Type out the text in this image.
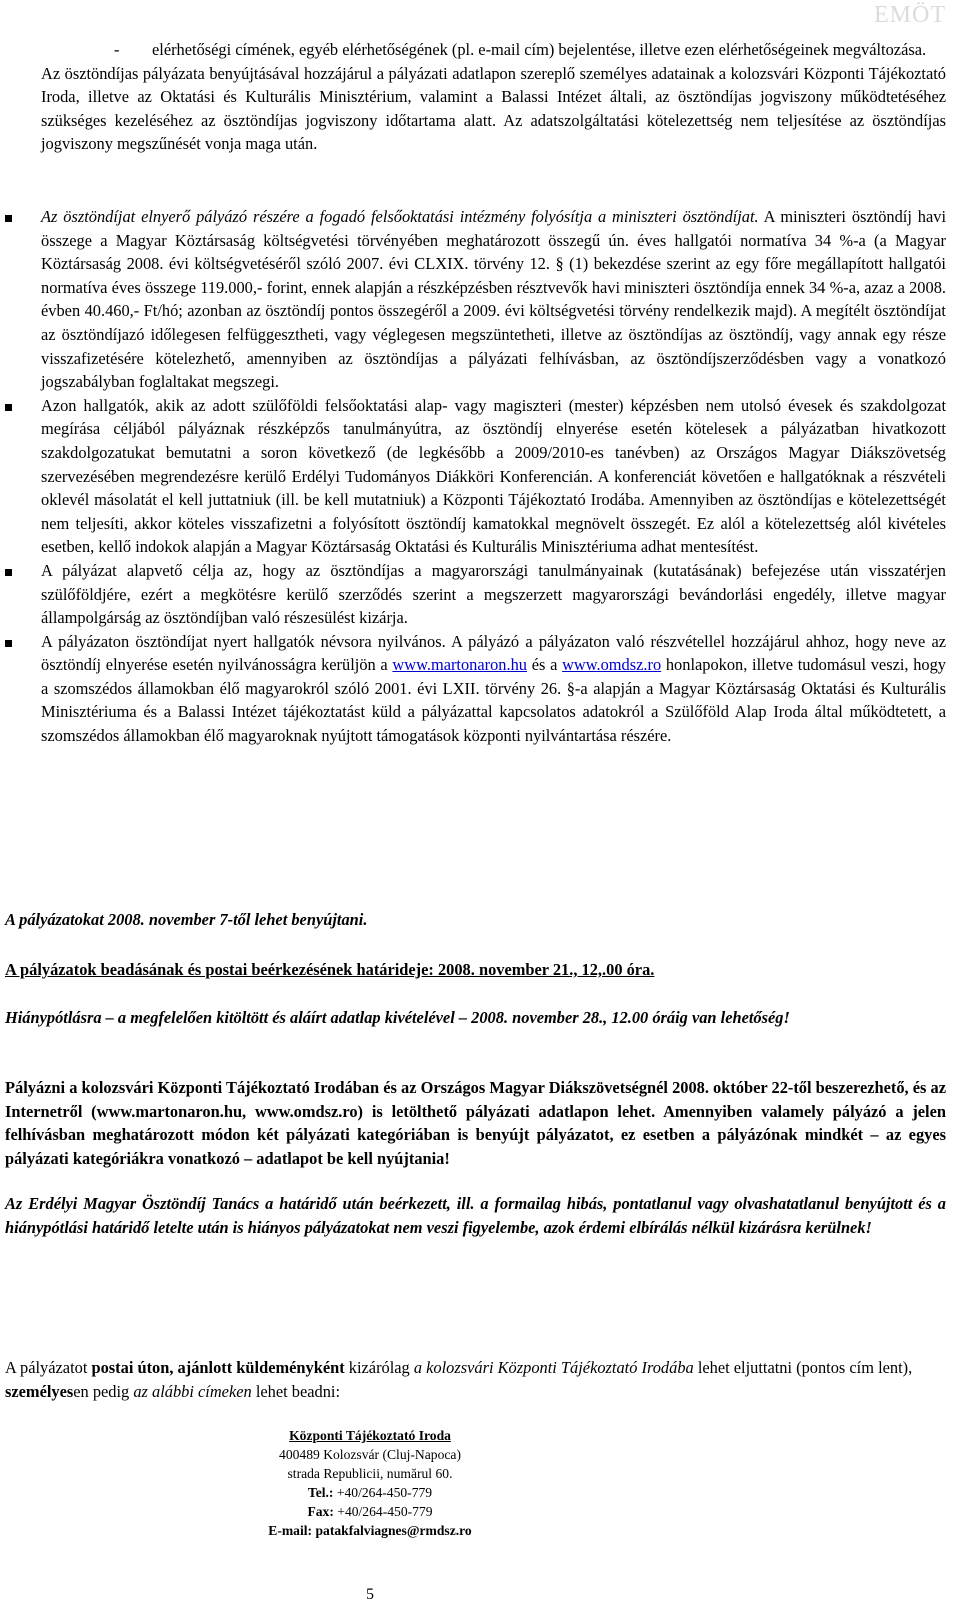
EMÖT
-	elérhetőségi címének, egyéb elérhetőségének (pl. e-mail cím) bejelentése, illetve ezen elérhetőségeinek megváltozása.
Az ösztöndíjas pályázata benyújtásával hozzájárul a pályázati adatlapon szereplő személyes adatainak a kolozsvári Központi Tájékoztató Iroda, illetve az Oktatási és Kulturális Minisztérium, valamint a Balassi Intézet általi, az ösztöndíjas jogviszony működtetéséhez szükséges kezeléséhez az ösztöndíjas jogviszony időtartama alatt. Az adatszolgáltatási kötelezettség nem teljesítése az ösztöndíjas jogviszony megszűnését vonja maga után.
Az ösztöndíjat elnyerő pályázó részére a fogadó felsőoktatási intézmény folyósítja a miniszteri ösztöndíjat. A miniszteri ösztöndíj havi összege a Magyar Köztársaság költségvetési törvényében meghatározott összegű ún. éves hallgatói normatíva 34 %-a (a Magyar Köztársaság 2008. évi költségvetéséről szóló 2007. évi CLXIX. törvény 12. § (1) bekezdése szerint az egy főre megállapított hallgatói normatíva éves összege 119.000,- forint, ennek alapján a részképzésben résztvevők havi miniszteri ösztöndíja ennek 34 %-a, azaz a 2008. évben 40.460,- Ft/hó; azonban az ösztöndíj pontos összegéről a 2009. évi költségvetési törvény rendelkezik majd). A megítélt ösztöndíjat az ösztöndíjazó időlegesen felfüggesztheti, vagy véglegesen megszüntetheti, illetve az ösztöndíjas az ösztöndíj, vagy annak egy része visszafizetésére kötelezhető, amennyiben az ösztöndíjas a pályázati felhívásban, az ösztöndíjszerződésben vagy a vonatkozó jogszabályban foglaltakat megszegi.
Azon hallgatók, akik az adott szülőföldi felsőoktatási alap- vagy magiszteri (mester) képzésben nem utolsó évesek és szakdolgozat megírása céljából pályáznak részképzős tanulmányútra, az ösztöndíj elnyerése esetén kötelesek a pályázatban hivatkozott szakdolgozatukat bemutatni a soron következő (de legkésőbb a 2009/2010-es tanévben) az Országos Magyar Diákszövetség szervezésében megrendezésre kerülő Erdélyi Tudományos Diákköri Konferencián. A konferenciát követően e hallgatóknak a részvételi oklevél másolatát el kell juttatniuk (ill. be kell mutatniuk) a Központi Tájékoztató Irodába. Amennyiben az ösztöndíjas e kötelezettségét nem teljesíti, akkor köteles visszafizetni a folyósított ösztöndíj kamatokkal megnövelt összegét. Ez alól a kötelezettség alól kivételes esetben, kellő indokok alapján a Magyar Köztársaság Oktatási és Kulturális Minisztériuma adhat mentesítést.
A pályázat alapvető célja az, hogy az ösztöndíjas a magyarországi tanulmányainak (kutatásának) befejezése után visszatérjen szülőföldjére, ezért a megkötésre kerülő szerződés szerint a megszerzett magyarországi bevándorlási engedély, illetve magyar állampolgárság az ösztöndíjban való részesülést kizárja.
A pályázaton ösztöndíjat nyert hallgatók névsora nyilvános. A pályázó a pályázaton való részvétellel hozzájárul ahhoz, hogy neve az ösztöndíj elnyerése esetén nyilvánosságra kerüljön a www.martonaron.hu és a www.omdsz.ro honlapokon, illetve tudomásul veszi, hogy a szomszédos államokban élő magyarokról szóló 2001. évi LXII. törvény 26. §-a alapján a Magyar Köztársaság Oktatási és Kulturális Minisztériuma és a Balassi Intézet tájékoztatást küld a pályázattal kapcsolatos adatokról a Szülőföld Alap Iroda által működtetett, a szomszédos államokban élő magyaroknak nyújtott támogatások központi nyilvántartása részére.
A pályázatokat 2008. november 7-től lehet benyújtani.
A pályázatok beadásának és postai beérkezésének határideje: 2008. november 21., 12,.00 óra.
Hiánypótlásra – a megfelelően kitöltött és aláírt adatlap kivételével – 2008. november 28., 12.00 óráig van lehetőség!
Pályázni a kolozsvári Központi Tájékoztató Irodában és az Országos Magyar Diákszövetségnél 2008. október 22-től beszerezhető, és az Internetről (www.martonaron.hu, www.omdsz.ro) is letölthető pályázati adatlapon lehet. Amennyiben valamely pályázó a jelen felhívásban meghatározott módon két pályázati kategóriában is benyújt pályázatot, ez esetben a pályázónak mindkét – az egyes pályázati kategóriákra vonatkozó – adatlapot be kell nyújtania!
Az Erdélyi Magyar Ösztöndíj Tanács a határidő után beérkezett, ill. a formailag hibás, pontatlanul vagy olvashatatlanul benyújtott és a hiánypótlási határidő letelte után is hiányos pályázatokat nem veszi figyelembe, azok érdemi elbírálás nélkül kizárásra kerülnek!
A pályázatot postai úton, ajánlott küldeményként kizárólag a kolozsvári Központi Tájékoztató Irodába lehet eljuttatni (pontos cím lent), személyesen pedig az alábbi címeken lehet beadni:
Központi Tájékoztató Iroda
400489 Kolozsvár (Cluj-Napoca)
strada Republicii, numărul 60.
Tel.: +40/264-450-779
Fax: +40/264-450-779
E-mail: patakfalviagnes@rmdsz.ro
5
